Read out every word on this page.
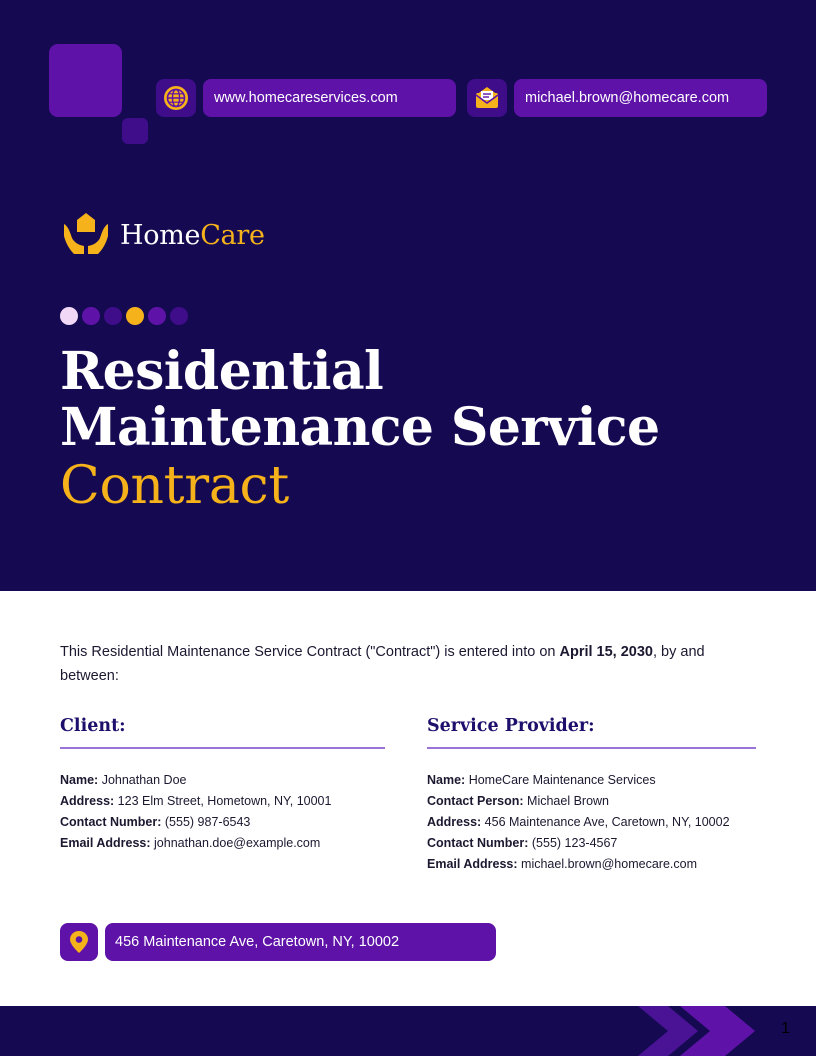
www.homecareservices.com	michael.brown@homecare.com
HomeCare
Residential
Maintenance Service
Contract

This Residential Maintenance Service Contract ("Contract") is entered into on April 15, 2030, by and between:

Client:
Name: Johnathan Doe
Address: 123 Elm Street, Hometown, NY, 10001
Contact Number: (555) 987-6543
Email Address: johnathan.doe@example.com
Service Provider:
Name: HomeCare Maintenance Services
Contact Person: Michael Brown
Address: 456 Maintenance Ave, Caretown, NY, 10002
Contact Number: (555) 123-4567
Email Address: michael.brown@homecare.com
456 Maintenance Ave, Caretown, NY, 10002
1
